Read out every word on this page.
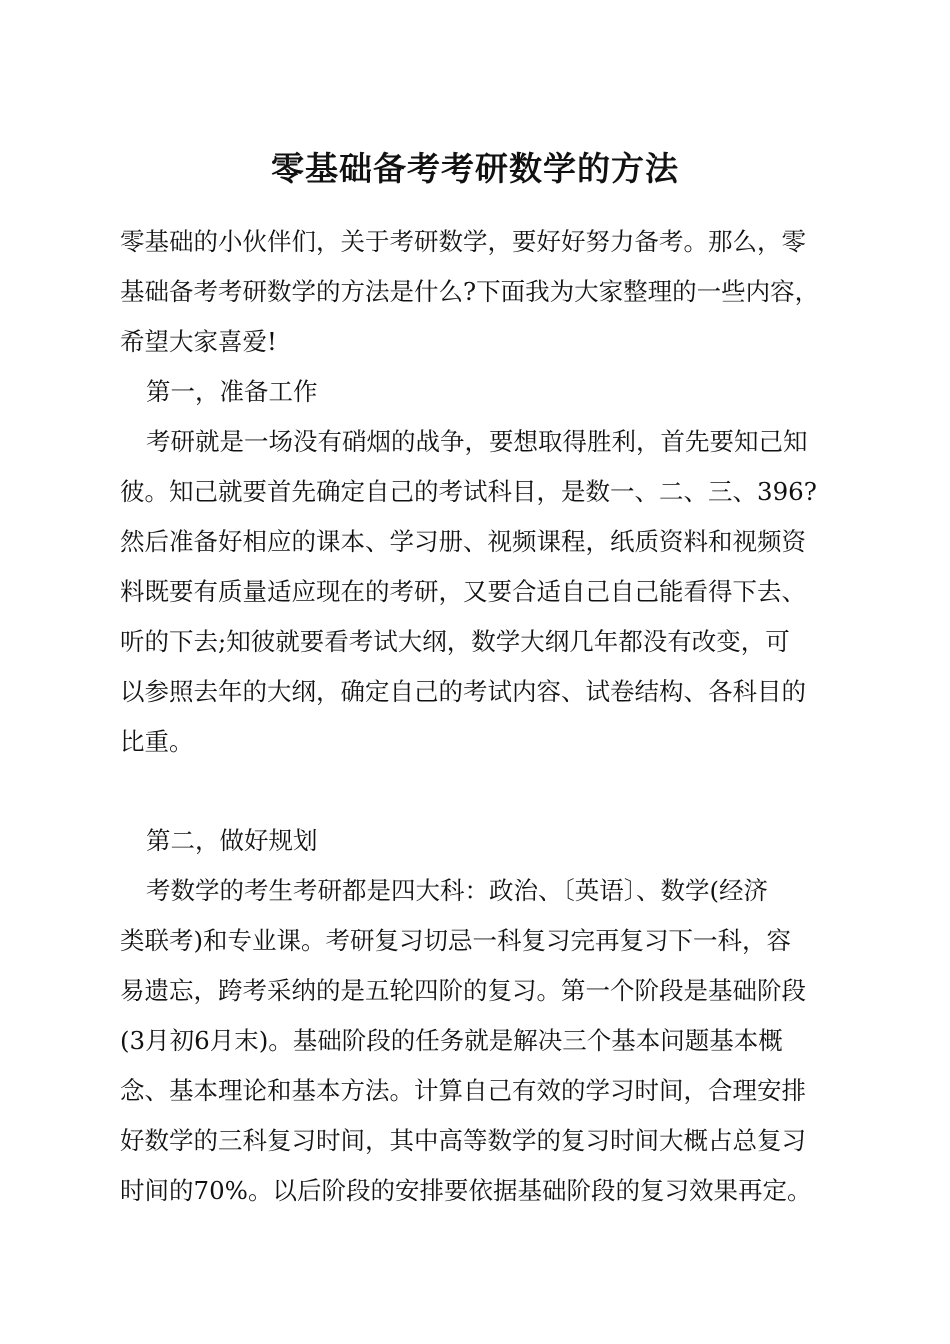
零基础备考考研数学的方法

零基础的小伙伴们，关于考研数学，要好好努力备考。那么，零

基础备考考研数学的方法是什么?下面我为大家整理的一些内容，

希望大家喜爱!

第一，准备工作

考研就是一场没有硝烟的战争，要想取得胜利，首先要知己知

彼。知己就要首先确定自己的考试科目，是数一、二、三、396?

然后准备好相应的课本、学习册、视频课程，纸质资料和视频资

料既要有质量适应现在的考研，又要合适自己自己能看得下去、

听的下去;知彼就要看考试大纲，数学大纲几年都没有改变，可

以参照去年的大纲，确定自己的考试内容、试卷结构、各科目的

比重。

第二，做好规划

考数学的考生考研都是四大科：政治、〔英语〕、数学(经济

类联考)和专业课。考研复习切忌一科复习完再复习下一科，容

易遗忘，跨考采纳的是五轮四阶的复习。第一个阶段是基础阶段

(3月初6月末)。基础阶段的任务就是解决三个基本问题基本概

念、基本理论和基本方法。计算自己有效的学习时间，合理安排

好数学的三科复习时间，其中高等数学的复习时间大概占总复习

时间的70%。以后阶段的安排要依据基础阶段的复习效果再定。
